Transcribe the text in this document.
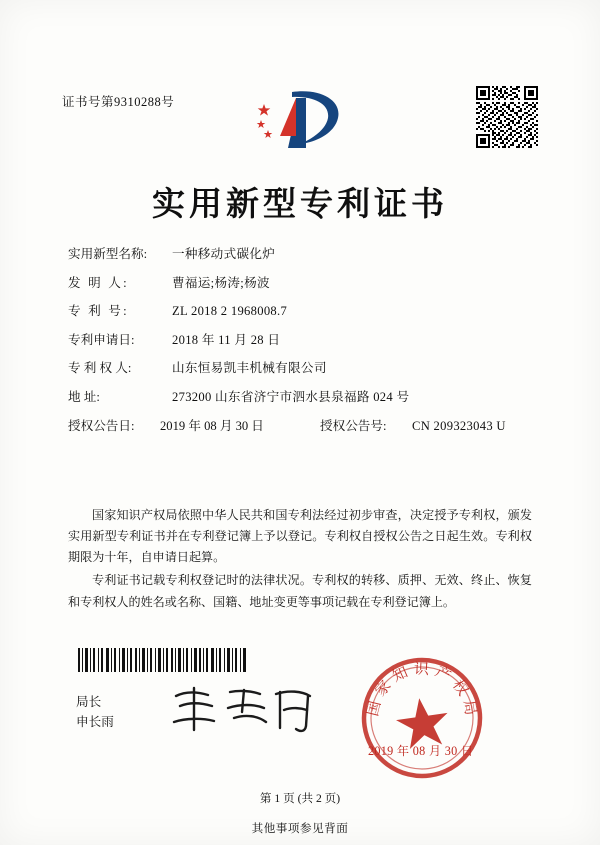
证书号第9310288号
实用新型专利证书
实用新型名称:	一种移动式碳化炉
发 明 人:	曹福运;杨涛;杨波
专 利 号:	ZL 2018 2 1968008.7
专利申请日:	2018 年 11 月 28 日
专 利 权 人:	山东恒易凯丰机械有限公司
地 址:	273200 山东省济宁市泗水县泉福路 024 号
授权公告日:	2019 年 08 月 30 日	授权公告号:	CN 209323043 U

国家知识产权局依照中华人民共和国专利法经过初步审查，决定授予专利权，颁发实用新型专利证书并在专利登记簿上予以登记。专利权自授权公告之日起生效。专利权期限为十年，自申请日起算。

专利证书记载专利权登记时的法律状况。专利权的转移、质押、无效、终止、恢复和专利权人的姓名或名称、国籍、地址变更等事项记载在专利登记簿上。

局长
申长雨
国家知识产权局
2019 年 08 月 30 日
第 1 页 (共 2 页)
其他事项参见背面
